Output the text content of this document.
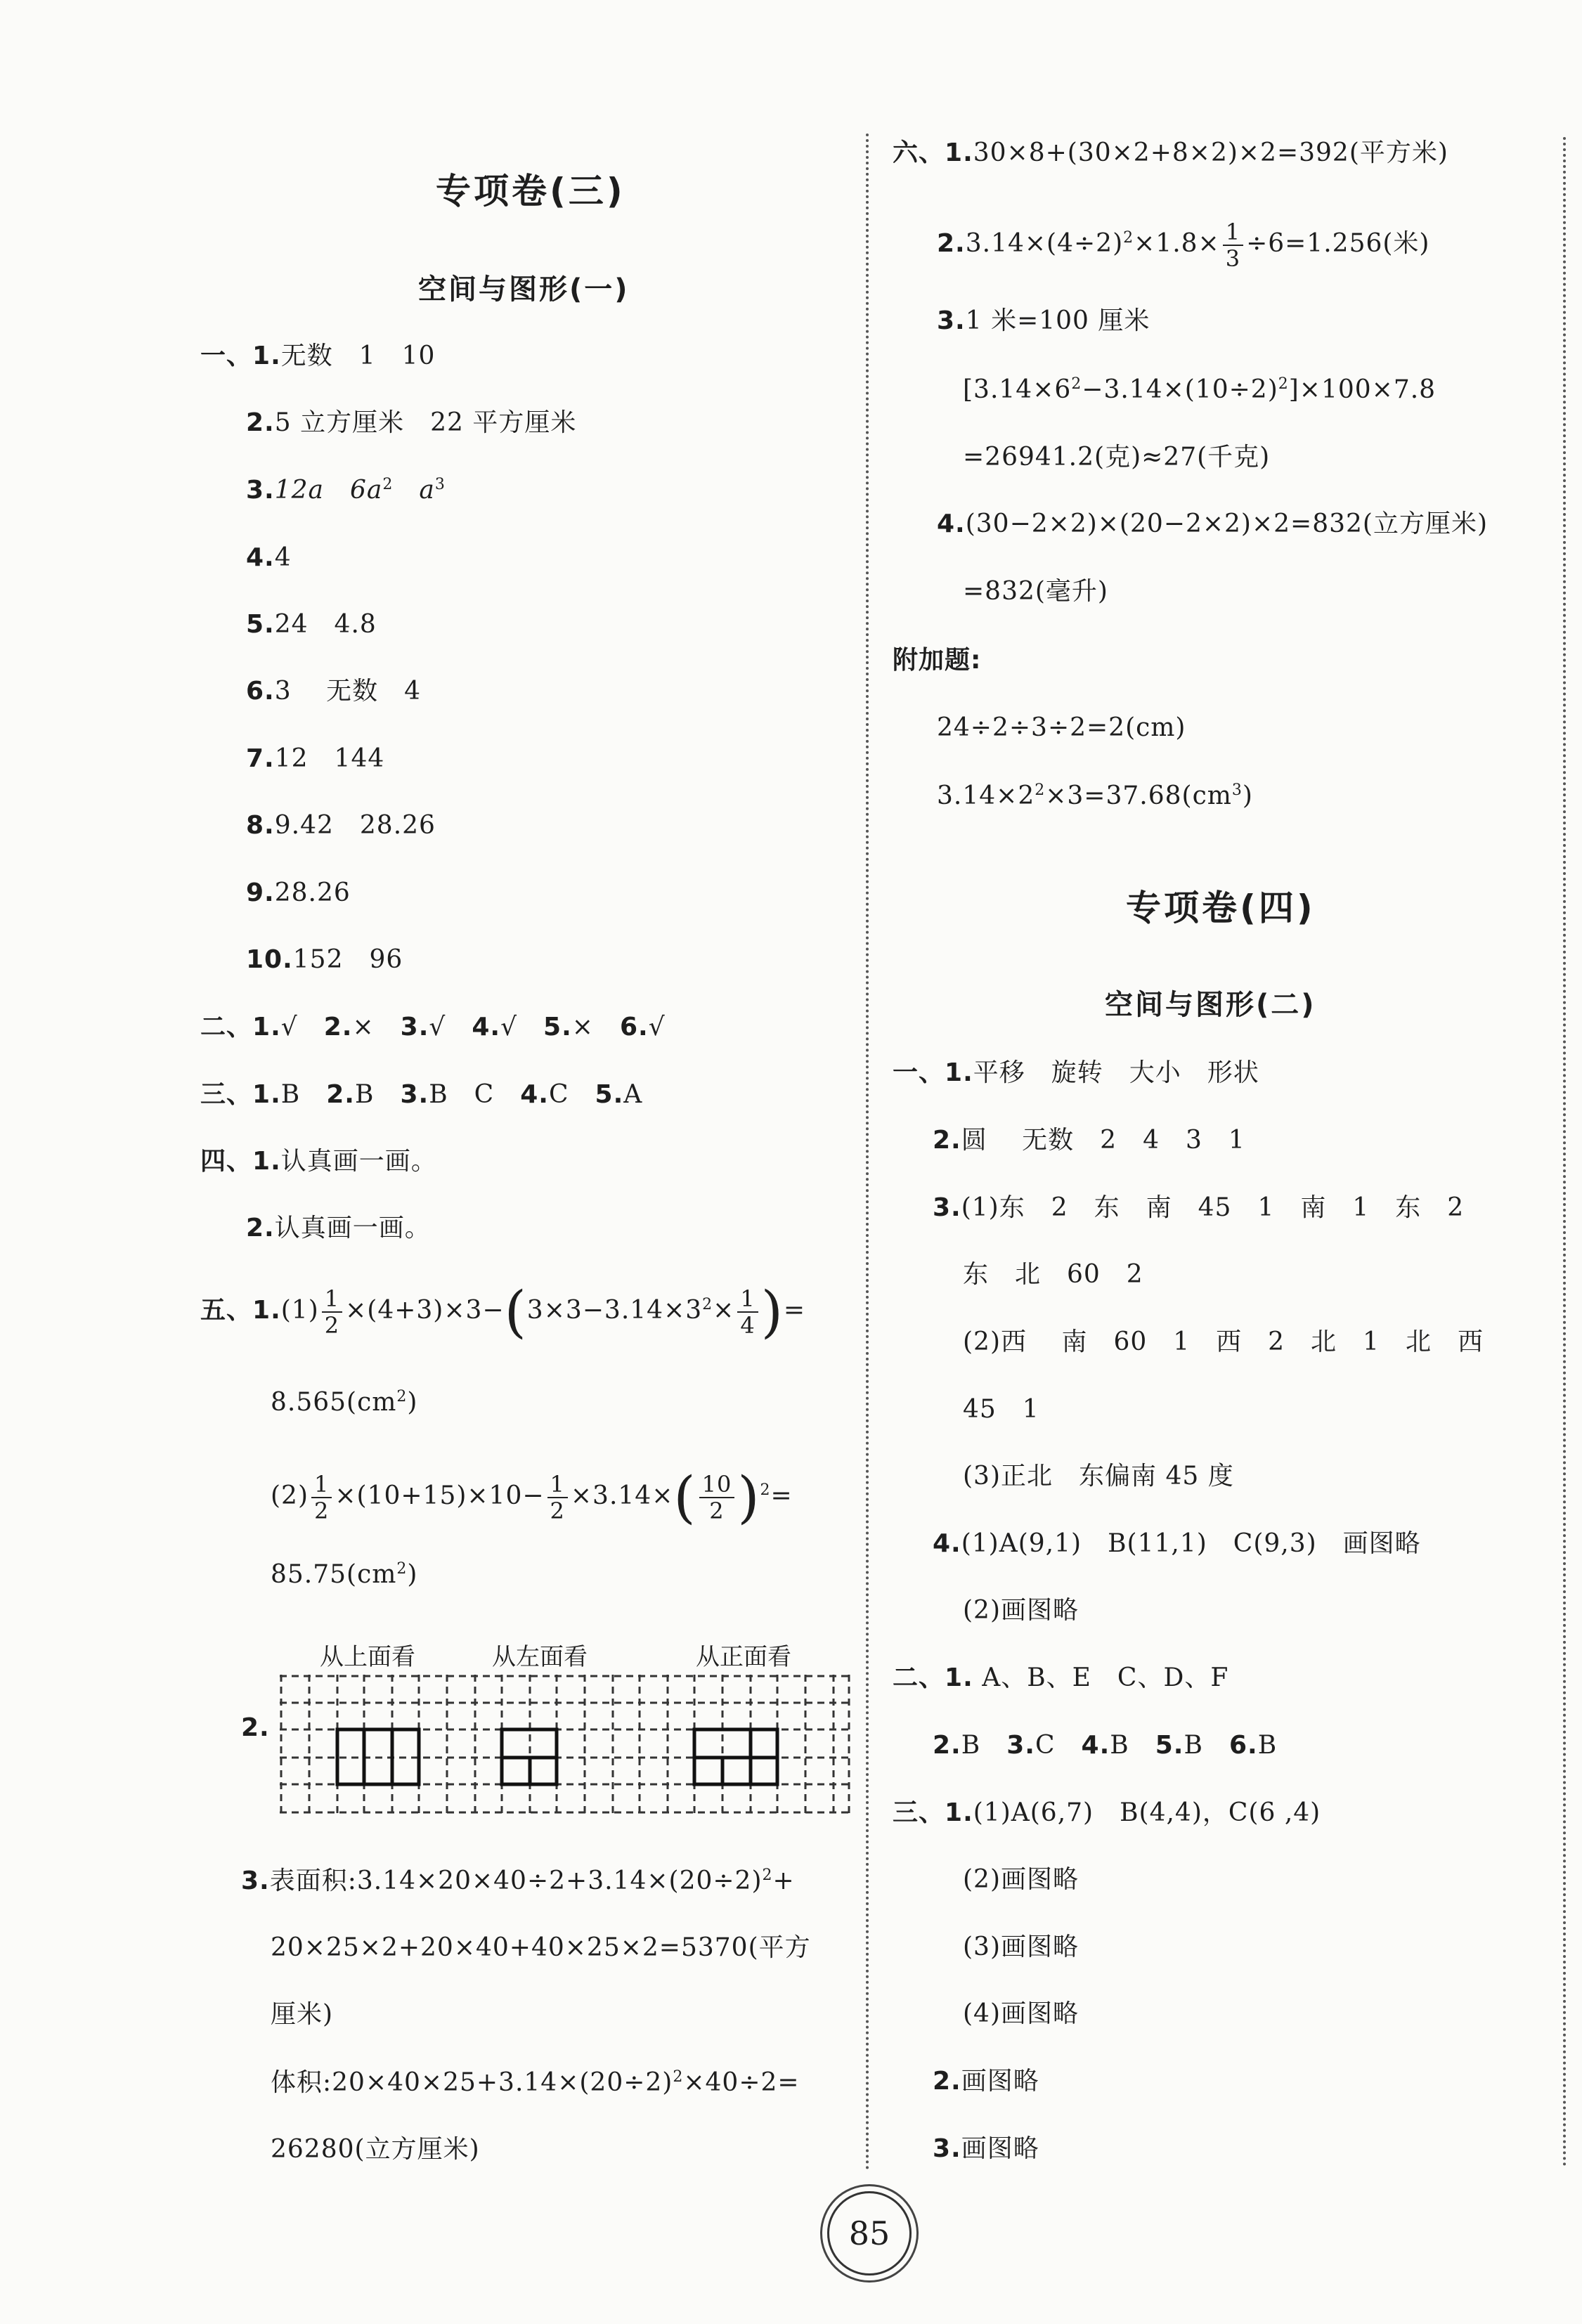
专项卷(三)
空间与图形(一)
一、1.无数　1　10
2.5 立方厘米　22 平方厘米
3.12a　 $6a^2$　 $a^3$
4.4
5.24　4.8
6.3　 无数　4
7.12　144
8.9.42　28.26
9.28.26
10.152　96
二、1.√　 2.×　 3.√　 4.√　 5.×　 6.√
三、1.B　 2.B　 3.B　C　 4.C　 5.A
四、1.认真画一画。
2.认真画一画。
五、$1.(1) \frac{1}{2} \times(4+3)\times 3-(3\times 3-3.14\times 3^2\times \frac{1}{4}$ )=
$8.565(cm^2)$
$(2) \frac{1}{2} \times(10+15)\times 10- \frac{1}{2} \times 3.14\times( \frac{10}{2} )^2=$
$85.75(cm^2)$
从上面看	从左面看	从正面看
2.
3.表面积$:3.14\times 20\times 40\div 2+3.14\times(20\div 2)^2+$
20×25×2+20×40+40×25×2=5370(平方
厘米)
体积$:20\times 40\times 25+3.14\times(20\div 2)^2\times 40\div 2=$
26280(立方厘米)
六、1.30×8+(30×2+8×2)×2=392(平方米)
$2.3.14\times(4\div 2)^2\times 1.8\times \frac{1}{3} \div 6=1.256$(米)
3.1 米=100 厘米
$[3.14\times 6^2-3.14\times(10\div 2)^2]\times 100\times 7.8$
=26941.2(克)≈27(千克)
4.(30−2×2)×(20−2×2)×2=832(立方厘米)
=832(毫升)
附加题:
24÷2÷3÷2=2(cm)
$3.14\times 2^2\times 3=37.68(cm^3)$
专项卷(四)
空间与图形(二)
一、1.平移　旋转　大小　形状
2.圆　 无数　2　4　3　1
3.(1)东　2　东　南　45　1　南　1　东　2
东　北　60　2
(2)西　 南　60　1　西　2　北　1　北　西
45　1
(3)正北　东偏南 45 度
4.(1)A(9,1)　B(11,1)　C(9,3)　画图略
(2)画图略
二、1. A、B、E　C、D、F
2.B　 3.C　 4.B　 5.B　 6.B
三、1.(1)A(6,7)　B(4,4)，C(6 ,4)
(2)画图略
(3)画图略
(4)画图略
2.画图略
3.画图略
85
